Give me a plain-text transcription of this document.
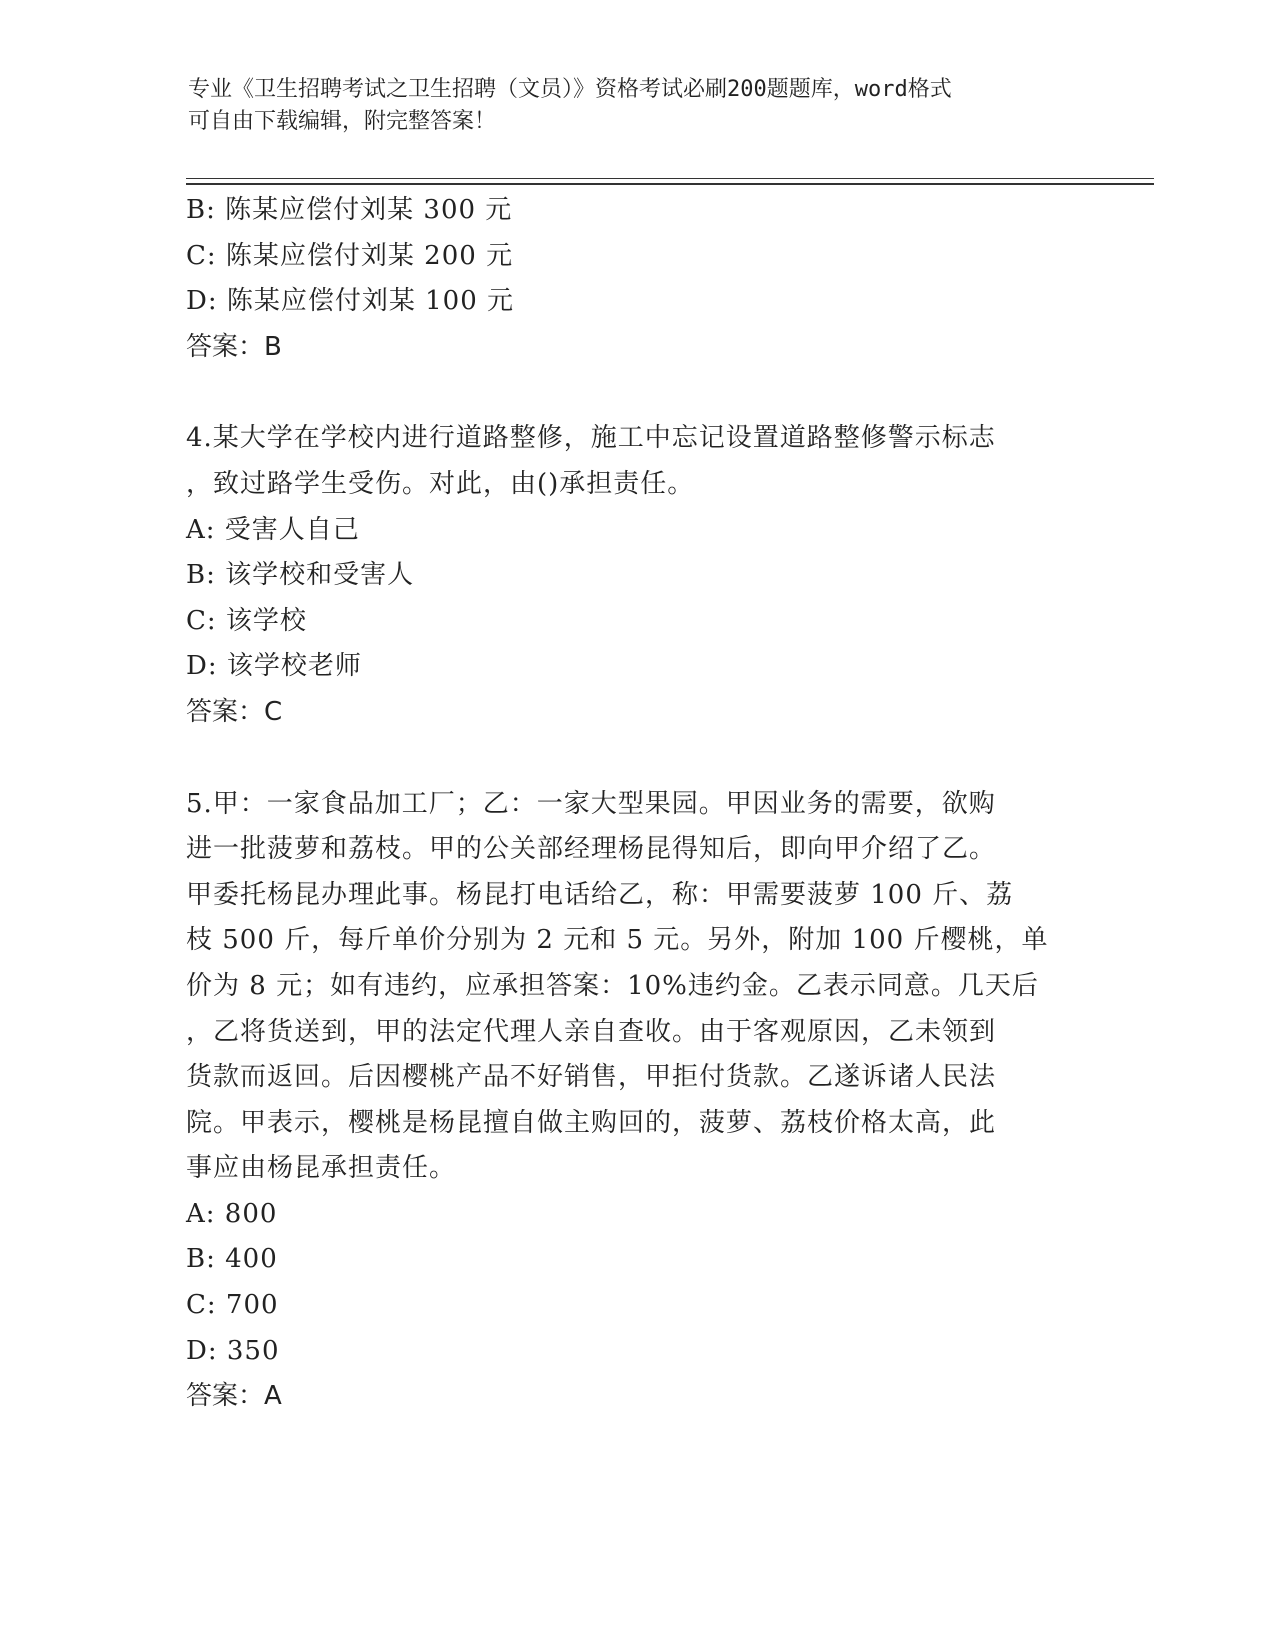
专业《卫生招聘考试之卫生招聘（文员）》资格考试必刷200题题库，word格式
可自由下载编辑，附完整答案！
B: 陈某应偿付刘某 300 元
C: 陈某应偿付刘某 200 元
D: 陈某应偿付刘某 100 元
答案：B
4.某大学在学校内进行道路整修，施工中忘记设置道路整修警示标志
，致过路学生受伤。对此，由()承担责任。
A: 受害人自己
B: 该学校和受害人
C: 该学校
D: 该学校老师
答案：C
5.甲：一家食品加工厂；乙：一家大型果园。甲因业务的需要，欲购
进一批菠萝和荔枝。甲的公关部经理杨昆得知后，即向甲介绍了乙。
甲委托杨昆办理此事。杨昆打电话给乙，称：甲需要菠萝 100 斤、荔
枝 500 斤，每斤单价分别为 2 元和 5 元。另外，附加 100 斤樱桃，单
价为 8 元；如有违约，应承担答案：10%违约金。乙表示同意。几天后
，乙将货送到，甲的法定代理人亲自查收。由于客观原因，乙未领到
货款而返回。后因樱桃产品不好销售，甲拒付货款。乙遂诉诸人民法
院。甲表示，樱桃是杨昆擅自做主购回的，菠萝、荔枝价格太高，此
事应由杨昆承担责任。
A: 800
B: 400
C: 700
D: 350
答案：A
